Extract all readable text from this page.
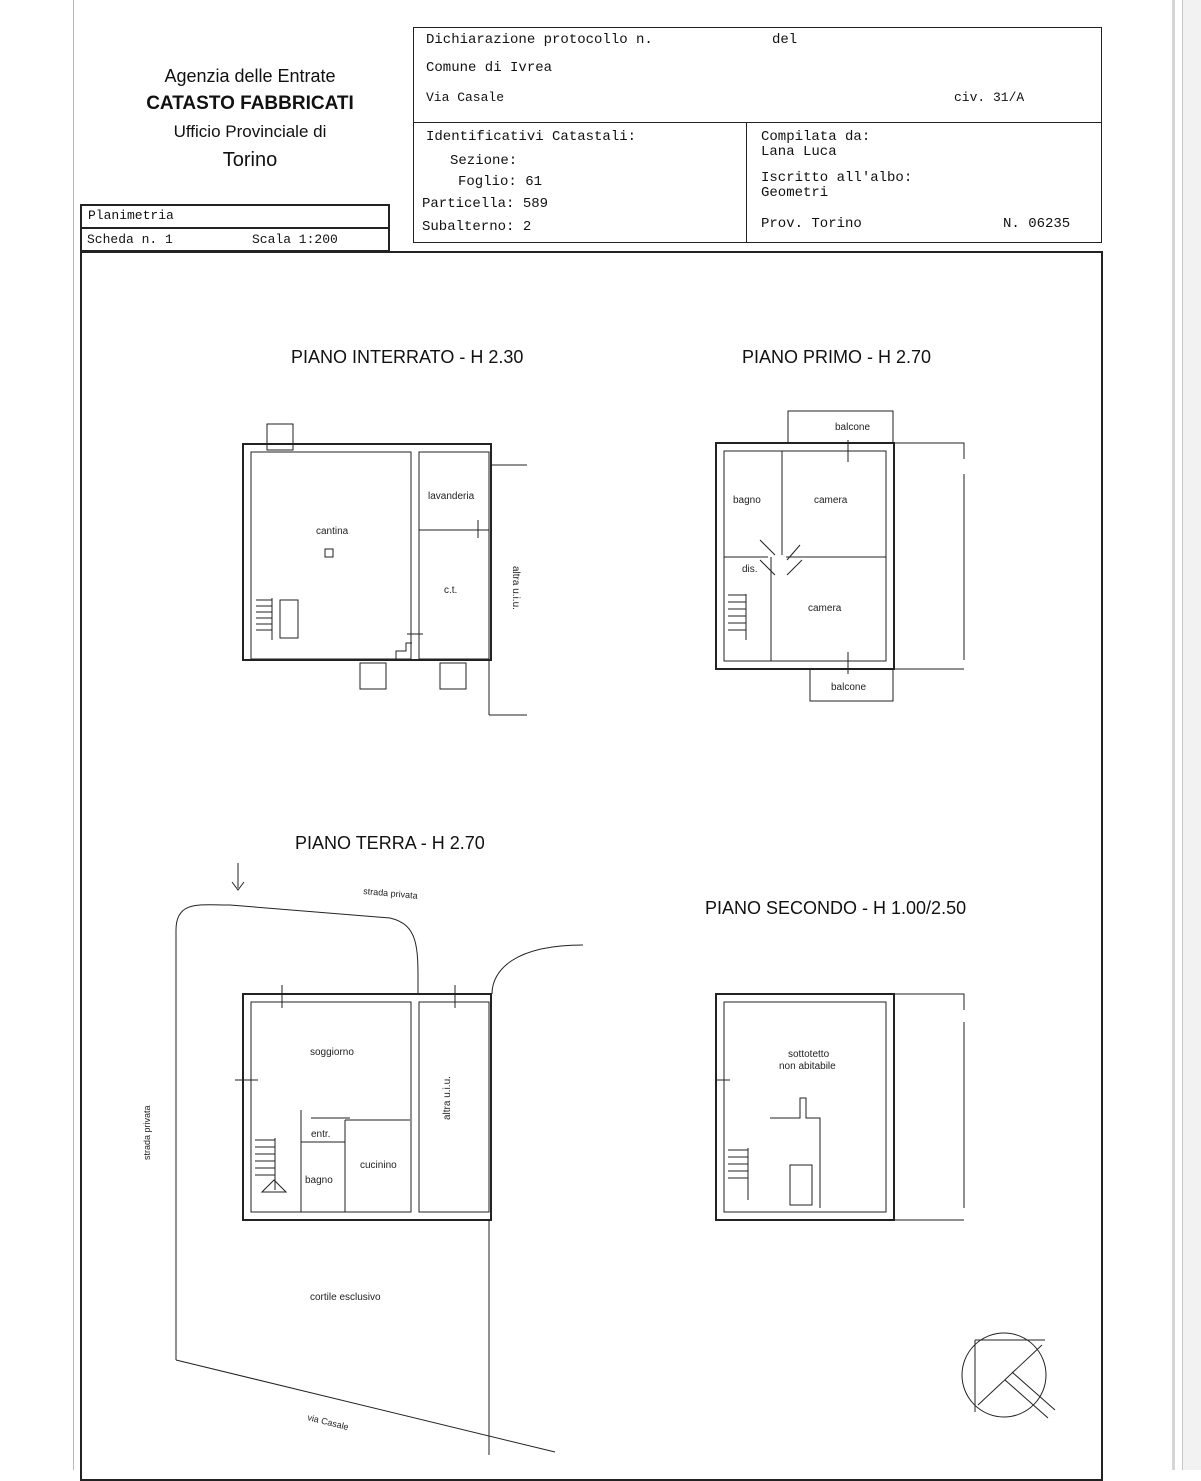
Agenzia delle Entrate
CATASTO FABBRICATI
Ufficio Provinciale di
Torino
Dichiarazione protocollo n.	del
Comune di Ivrea
Via Casale	civ. 31/A
Identificativi Catastali:
Sezione:
Foglio: 61
Particella: 589
Subalterno: 2
Compilata da:
Lana Luca
Iscritto all'albo:
Geometri
Prov. Torino	N. 06235
Planimetria
Scheda n. 1	Scala 1:200
PIANO INTERRATO - H 2.30	PIANO PRIMO - H 2.70
PIANO TERRA - H 2.70
PIANO SECONDO - H 1.00/2.50
cantina
lavanderia
c.t.	altra u.i.u.
balcone
bagno	camera
dis.
camera
balcone
soggiorno
entr.
bagno
cucinino
altra u.i.u.
strada privata
strada privata
cortile esclusivo
via Casale
sottotetto
non abitabile
